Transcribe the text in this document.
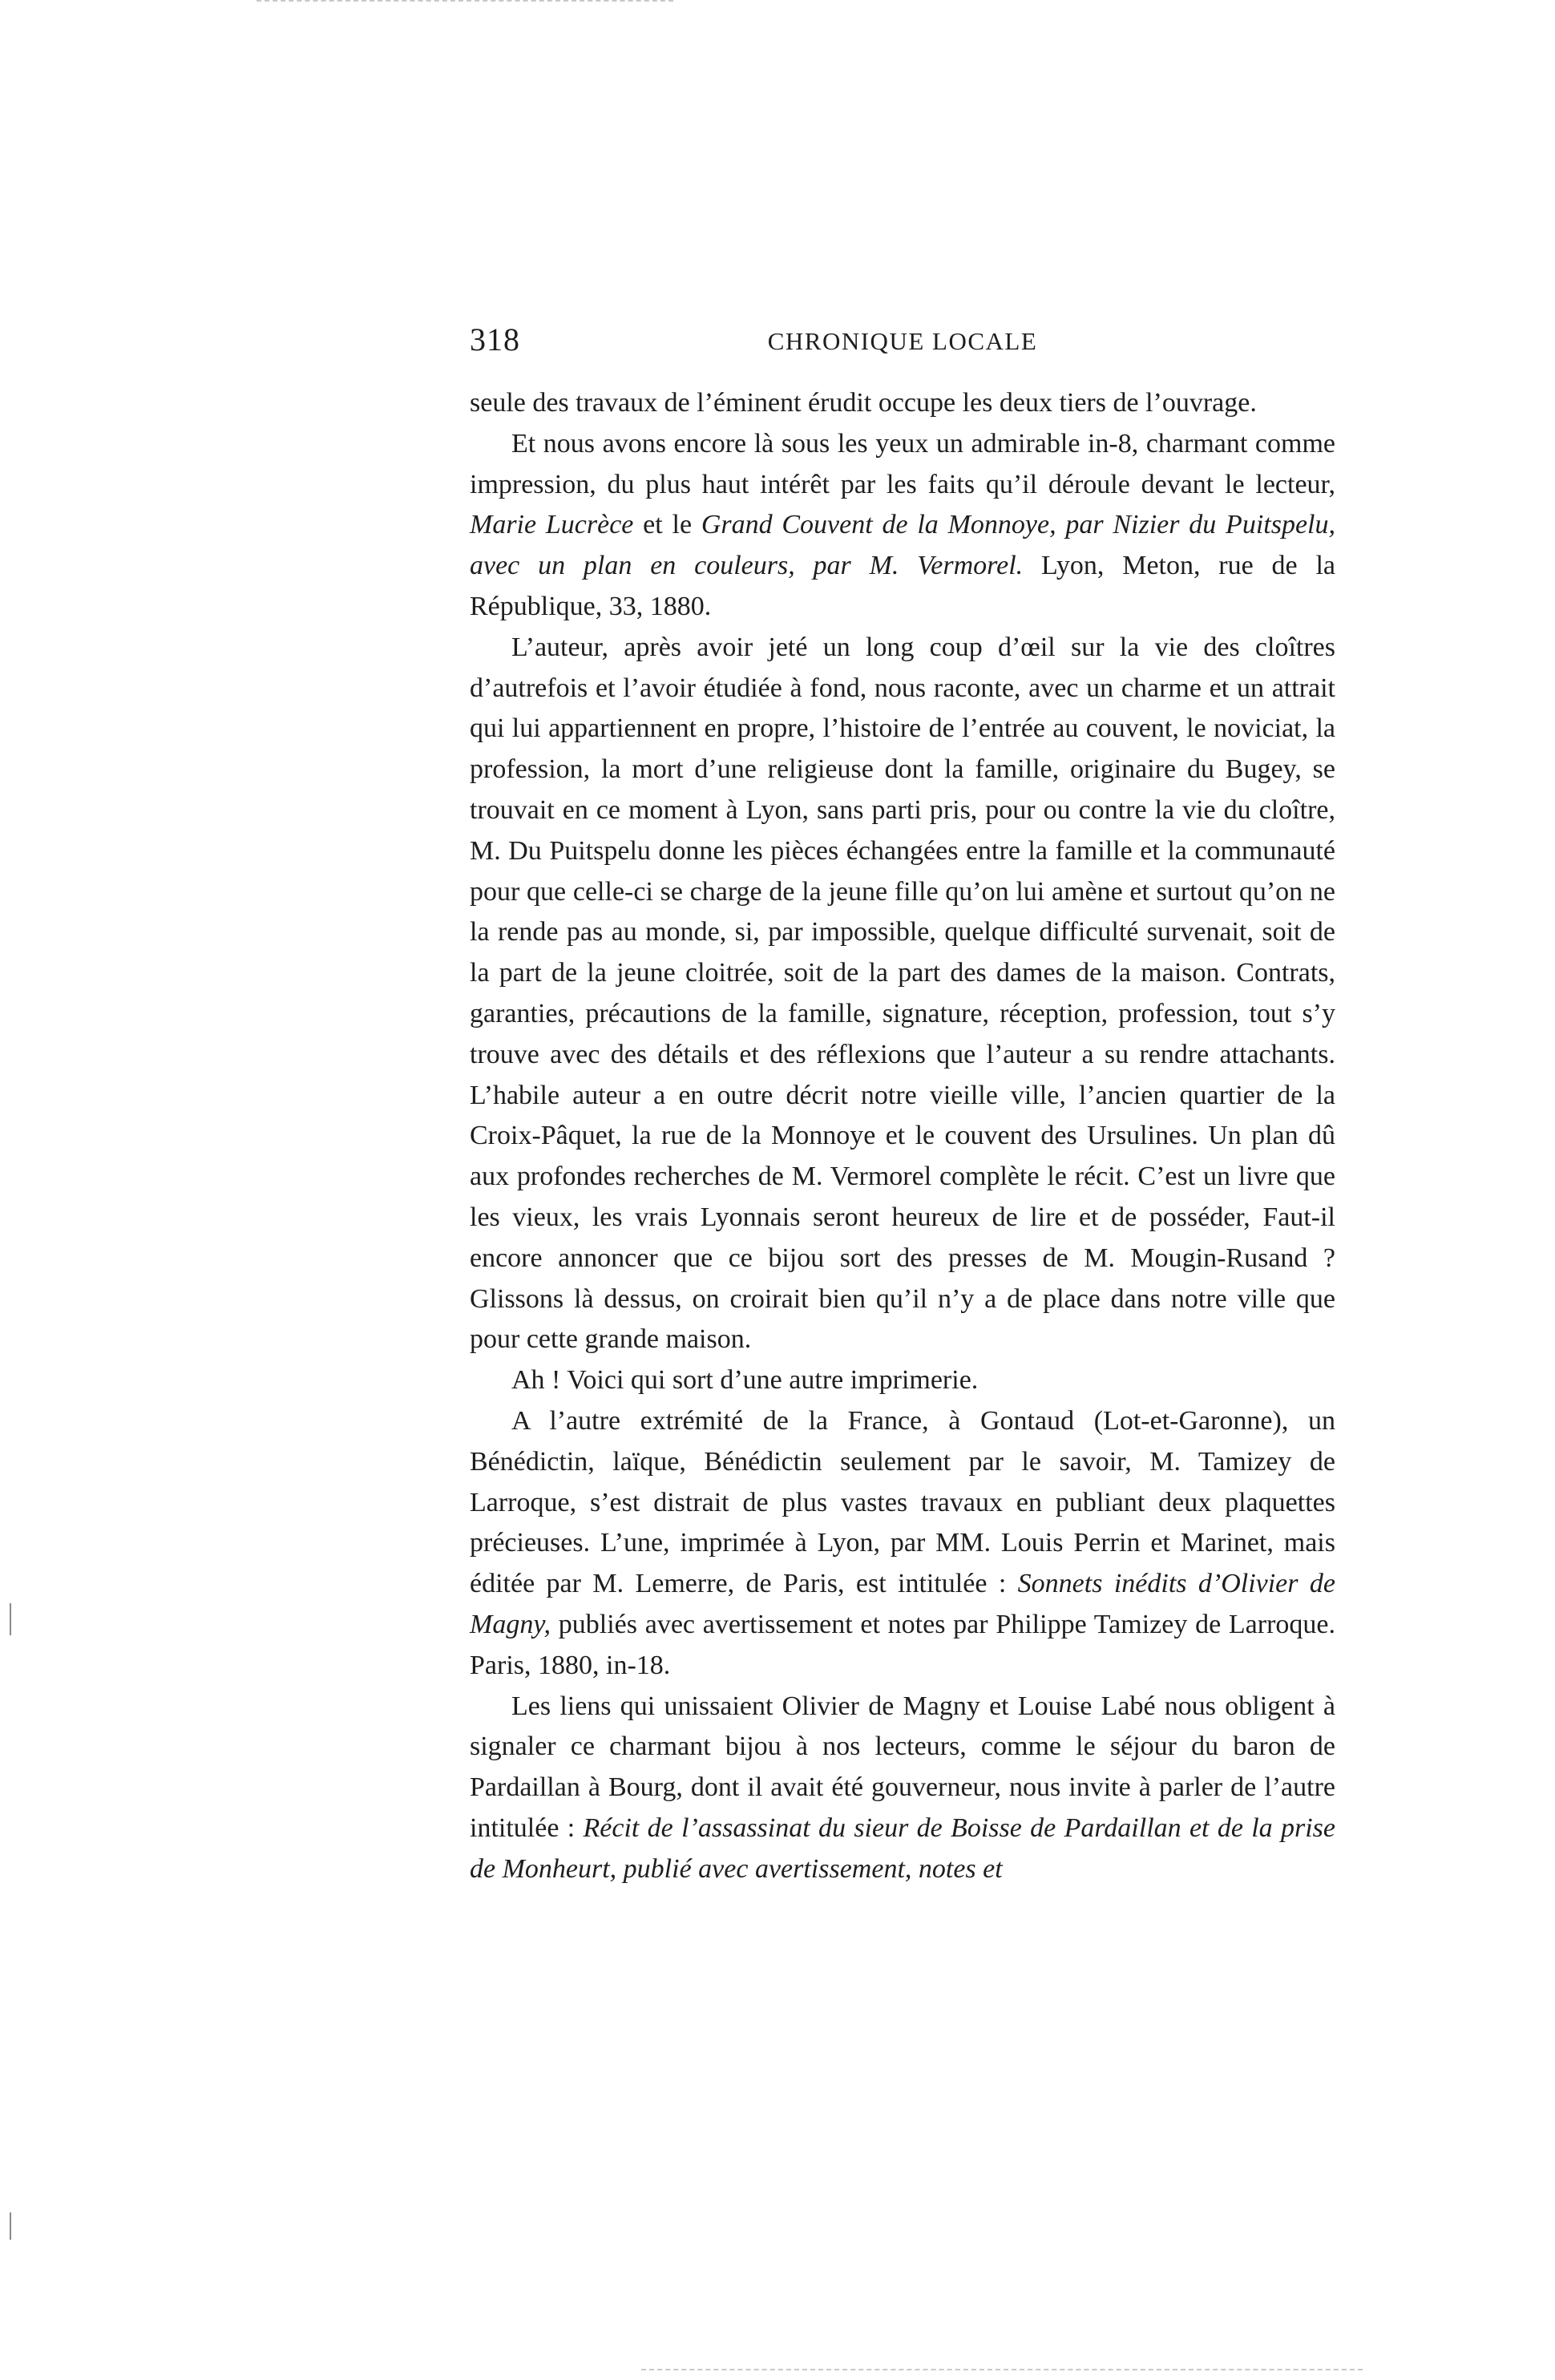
318	CHRONIQUE LOCALE

seule des travaux de l’éminent érudit occupe les deux tiers de l’ouvrage.

Et nous avons encore là sous les yeux un admirable in-8, charmant comme impression, du plus haut intérêt par les faits qu’il déroule devant le lecteur, Marie Lucrèce et le Grand Couvent de la Monnoye, par Nizier du Puitspelu, avec un plan en couleurs, par M. Vermorel. Lyon, Meton, rue de la République, 33, 1880.

L’auteur, après avoir jeté un long coup d’œil sur la vie des cloîtres d’autrefois et l’avoir étudiée à fond, nous raconte, avec un charme et un attrait qui lui appartiennent en propre, l’histoire de l’entrée au couvent, le noviciat, la profession, la mort d’une religieuse dont la famille, originaire du Bugey, se trouvait en ce moment à Lyon, sans parti pris, pour ou contre la vie du cloître, M. Du Puitspelu donne les pièces échangées entre la famille et la communauté pour que celle-ci se charge de la jeune fille qu’on lui amène et surtout qu’on ne la rende pas au monde, si, par impossible, quelque difficulté survenait, soit de la part de la jeune cloitrée, soit de la part des dames de la maison. Contrats, garanties, précautions de la famille, signature, réception, profession, tout s’y trouve avec des détails et des réflexions que l’auteur a su rendre attachants. L’habile auteur a en outre décrit notre vieille ville, l’ancien quartier de la Croix-Pâquet, la rue de la Monnoye et le couvent des Ursulines. Un plan dû aux profondes recherches de M. Vermorel complète le récit. C’est un livre que les vieux, les vrais Lyonnais seront heureux de lire et de posséder, Faut-il encore annoncer que ce bijou sort des presses de M. Mougin-Rusand ? Glissons là dessus, on croirait bien qu’il n’y a de place dans notre ville que pour cette grande maison.

Ah ! Voici qui sort d’une autre imprimerie.

A l’autre extrémité de la France, à Gontaud (Lot-et-Garonne), un Bénédictin, laïque, Bénédictin seulement par le savoir, M. Tamizey de Larroque, s’est distrait de plus vastes travaux en publiant deux plaquettes précieuses. L’une, imprimée à Lyon, par MM. Louis Perrin et Marinet, mais éditée par M. Lemerre, de Paris, est intitulée : Sonnets inédits d’Olivier de Magny, publiés avec avertissement et notes par Philippe Tamizey de Larroque. Paris, 1880, in-18.

Les liens qui unissaient Olivier de Magny et Louise Labé nous obligent à signaler ce charmant bijou à nos lecteurs, comme le séjour du baron de Pardaillan à Bourg, dont il avait été gouverneur, nous invite à parler de l’autre intitulée : Récit de l’assassinat du sieur de Boisse de Pardaillan et de la prise de Monheurt, publié avec avertissement, notes et
